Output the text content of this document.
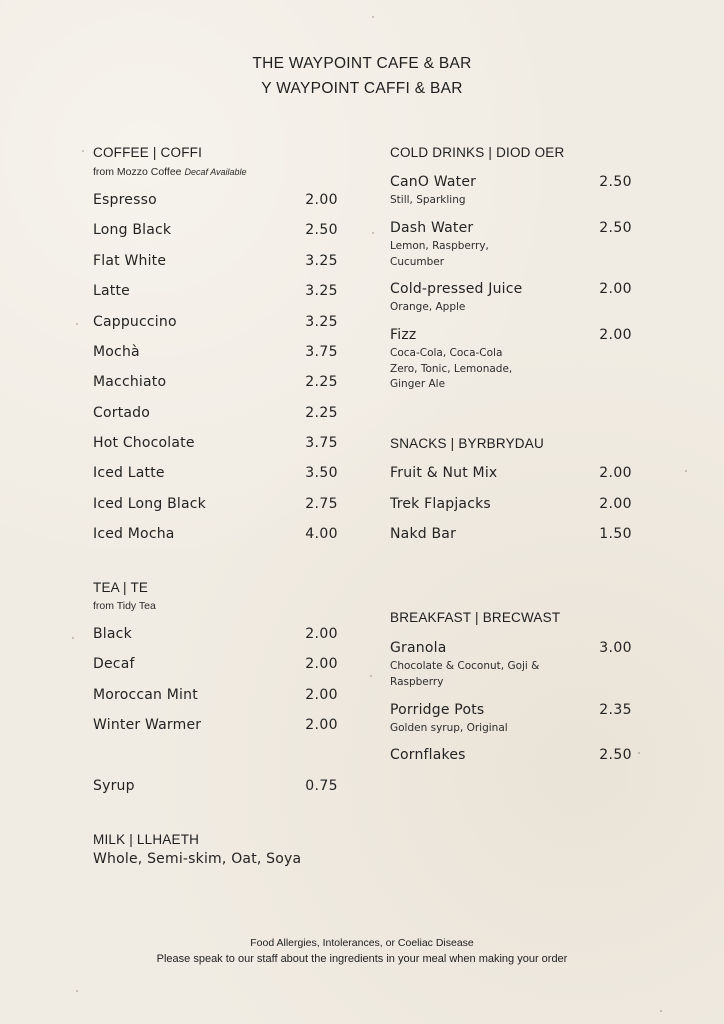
THE WAYPOINT CAFE & BAR
Y WAYPOINT CAFFI & BAR
COFFEE | COFFI
from Mozzo Coffee Decaf Available
Espresso	2.00
Long Black	2.50
Flat White	3.25
Latte	3.25
Cappuccino	3.25
Mochà	3.75
Macchiato	2.25
Cortado	2.25
Hot Chocolate	3.75
Iced Latte	3.50
Iced Long Black	2.75
Iced Mocha	4.00
TEA | TE
from Tidy Tea
Black	2.00
Decaf	2.00
Moroccan Mint	2.00
Winter Warmer	2.00
Syrup	0.75
MILK | LLHAETH
Whole, Semi-skim, Oat, Soya
COLD DRINKS | DIOD OER
CanO Water	2.50
Still, Sparkling
Dash Water	2.50
Lemon, Raspberry, Cucumber
Cold-pressed Juice	2.00
Orange, Apple
Fizz	2.00
Coca-Cola, Coca-Cola Zero, Tonic, Lemonade, Ginger Ale
SNACKS | BYRBRYDAU
Fruit & Nut Mix	2.00
Trek Flapjacks	2.00
Nakd Bar	1.50
BREAKFAST | BRECWAST
Granola	3.00
Chocolate & Coconut, Goji & Raspberry
Porridge Pots	2.35
Golden syrup, Original
Cornflakes	2.50
Food Allergies, Intolerances, or Coeliac Disease
Please speak to our staff about the ingredients in your meal when making your order
